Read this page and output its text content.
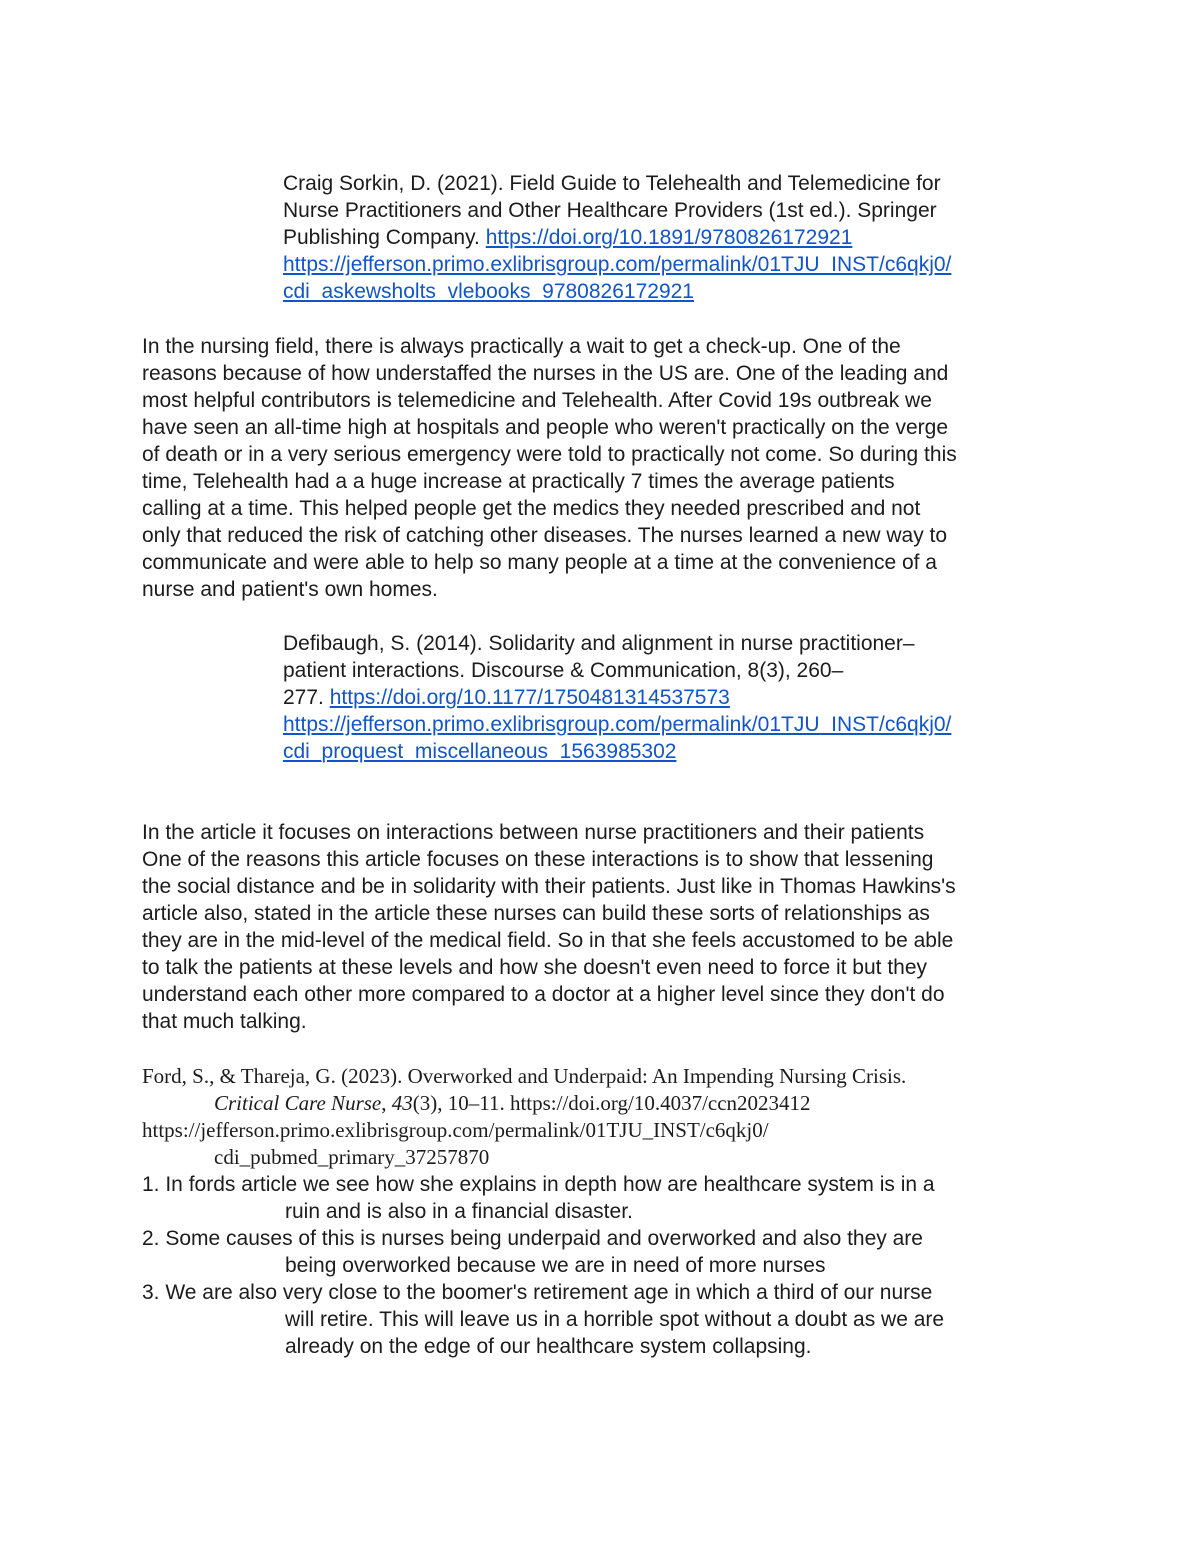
Craig Sorkin, D. (2021). Field Guide to Telehealth and Telemedicine for
Nurse Practitioners and Other Healthcare Providers (1st ed.). Springer
Publishing Company. https://doi.org/10.1891/9780826172921
https://jefferson.primo.exlibrisgroup.com/permalink/01TJU_INST/c6qkj0/
cdi_askewsholts_vlebooks_9780826172921
In the nursing field, there is always practically a wait to get a check-up. One of the
reasons because of how understaffed the nurses in the US are. One of the leading and
most helpful contributors is telemedicine and Telehealth. After Covid 19s outbreak we
have seen an all-time high at hospitals and people who weren't practically on the verge
of death or in a very serious emergency were told to practically not come. So during this
time, Telehealth had a a huge increase at practically 7 times the average patients
calling at a time. This helped people get the medics they needed prescribed and not
only that reduced the risk of catching other diseases. The nurses learned a new way to
communicate and were able to help so many people at a time at the convenience of a
nurse and patient's own homes.
Defibaugh, S. (2014). Solidarity and alignment in nurse practitioner–
patient interactions. Discourse & Communication, 8(3), 260–
277. https://doi.org/10.1177/1750481314537573
https://jefferson.primo.exlibrisgroup.com/permalink/01TJU_INST/c6qkj0/
cdi_proquest_miscellaneous_1563985302
In the article it focuses on interactions between nurse practitioners and their patients
One of the reasons this article focuses on these interactions is to show that lessening
the social distance and be in solidarity with their patients. Just like in Thomas Hawkins's
article also, stated in the article these nurses can build these sorts of relationships as
they are in the mid-level of the medical field. So in that she feels accustomed to be able
to talk the patients at these levels and how she doesn't even need to force it but they
understand each other more compared to a doctor at a higher level since they don't do
that much talking.
Ford, S., & Thareja, G. (2023). Overworked and Underpaid: An Impending Nursing Crisis.
Critical Care Nurse, 43(3), 10–11. https://doi.org/10.4037/ccn2023412
https://jefferson.primo.exlibrisgroup.com/permalink/01TJU_INST/c6qkj0/
cdi_pubmed_primary_37257870
1. In fords article we see how she explains in depth how are healthcare system is in a
ruin and is also in a financial disaster.
2. Some causes of this is nurses being underpaid and overworked and also they are
being overworked because we are in need of more nurses
3. We are also very close to the boomer's retirement age in which a third of our nurse
will retire. This will leave us in a horrible spot without a doubt as we are
already on the edge of our healthcare system collapsing.
